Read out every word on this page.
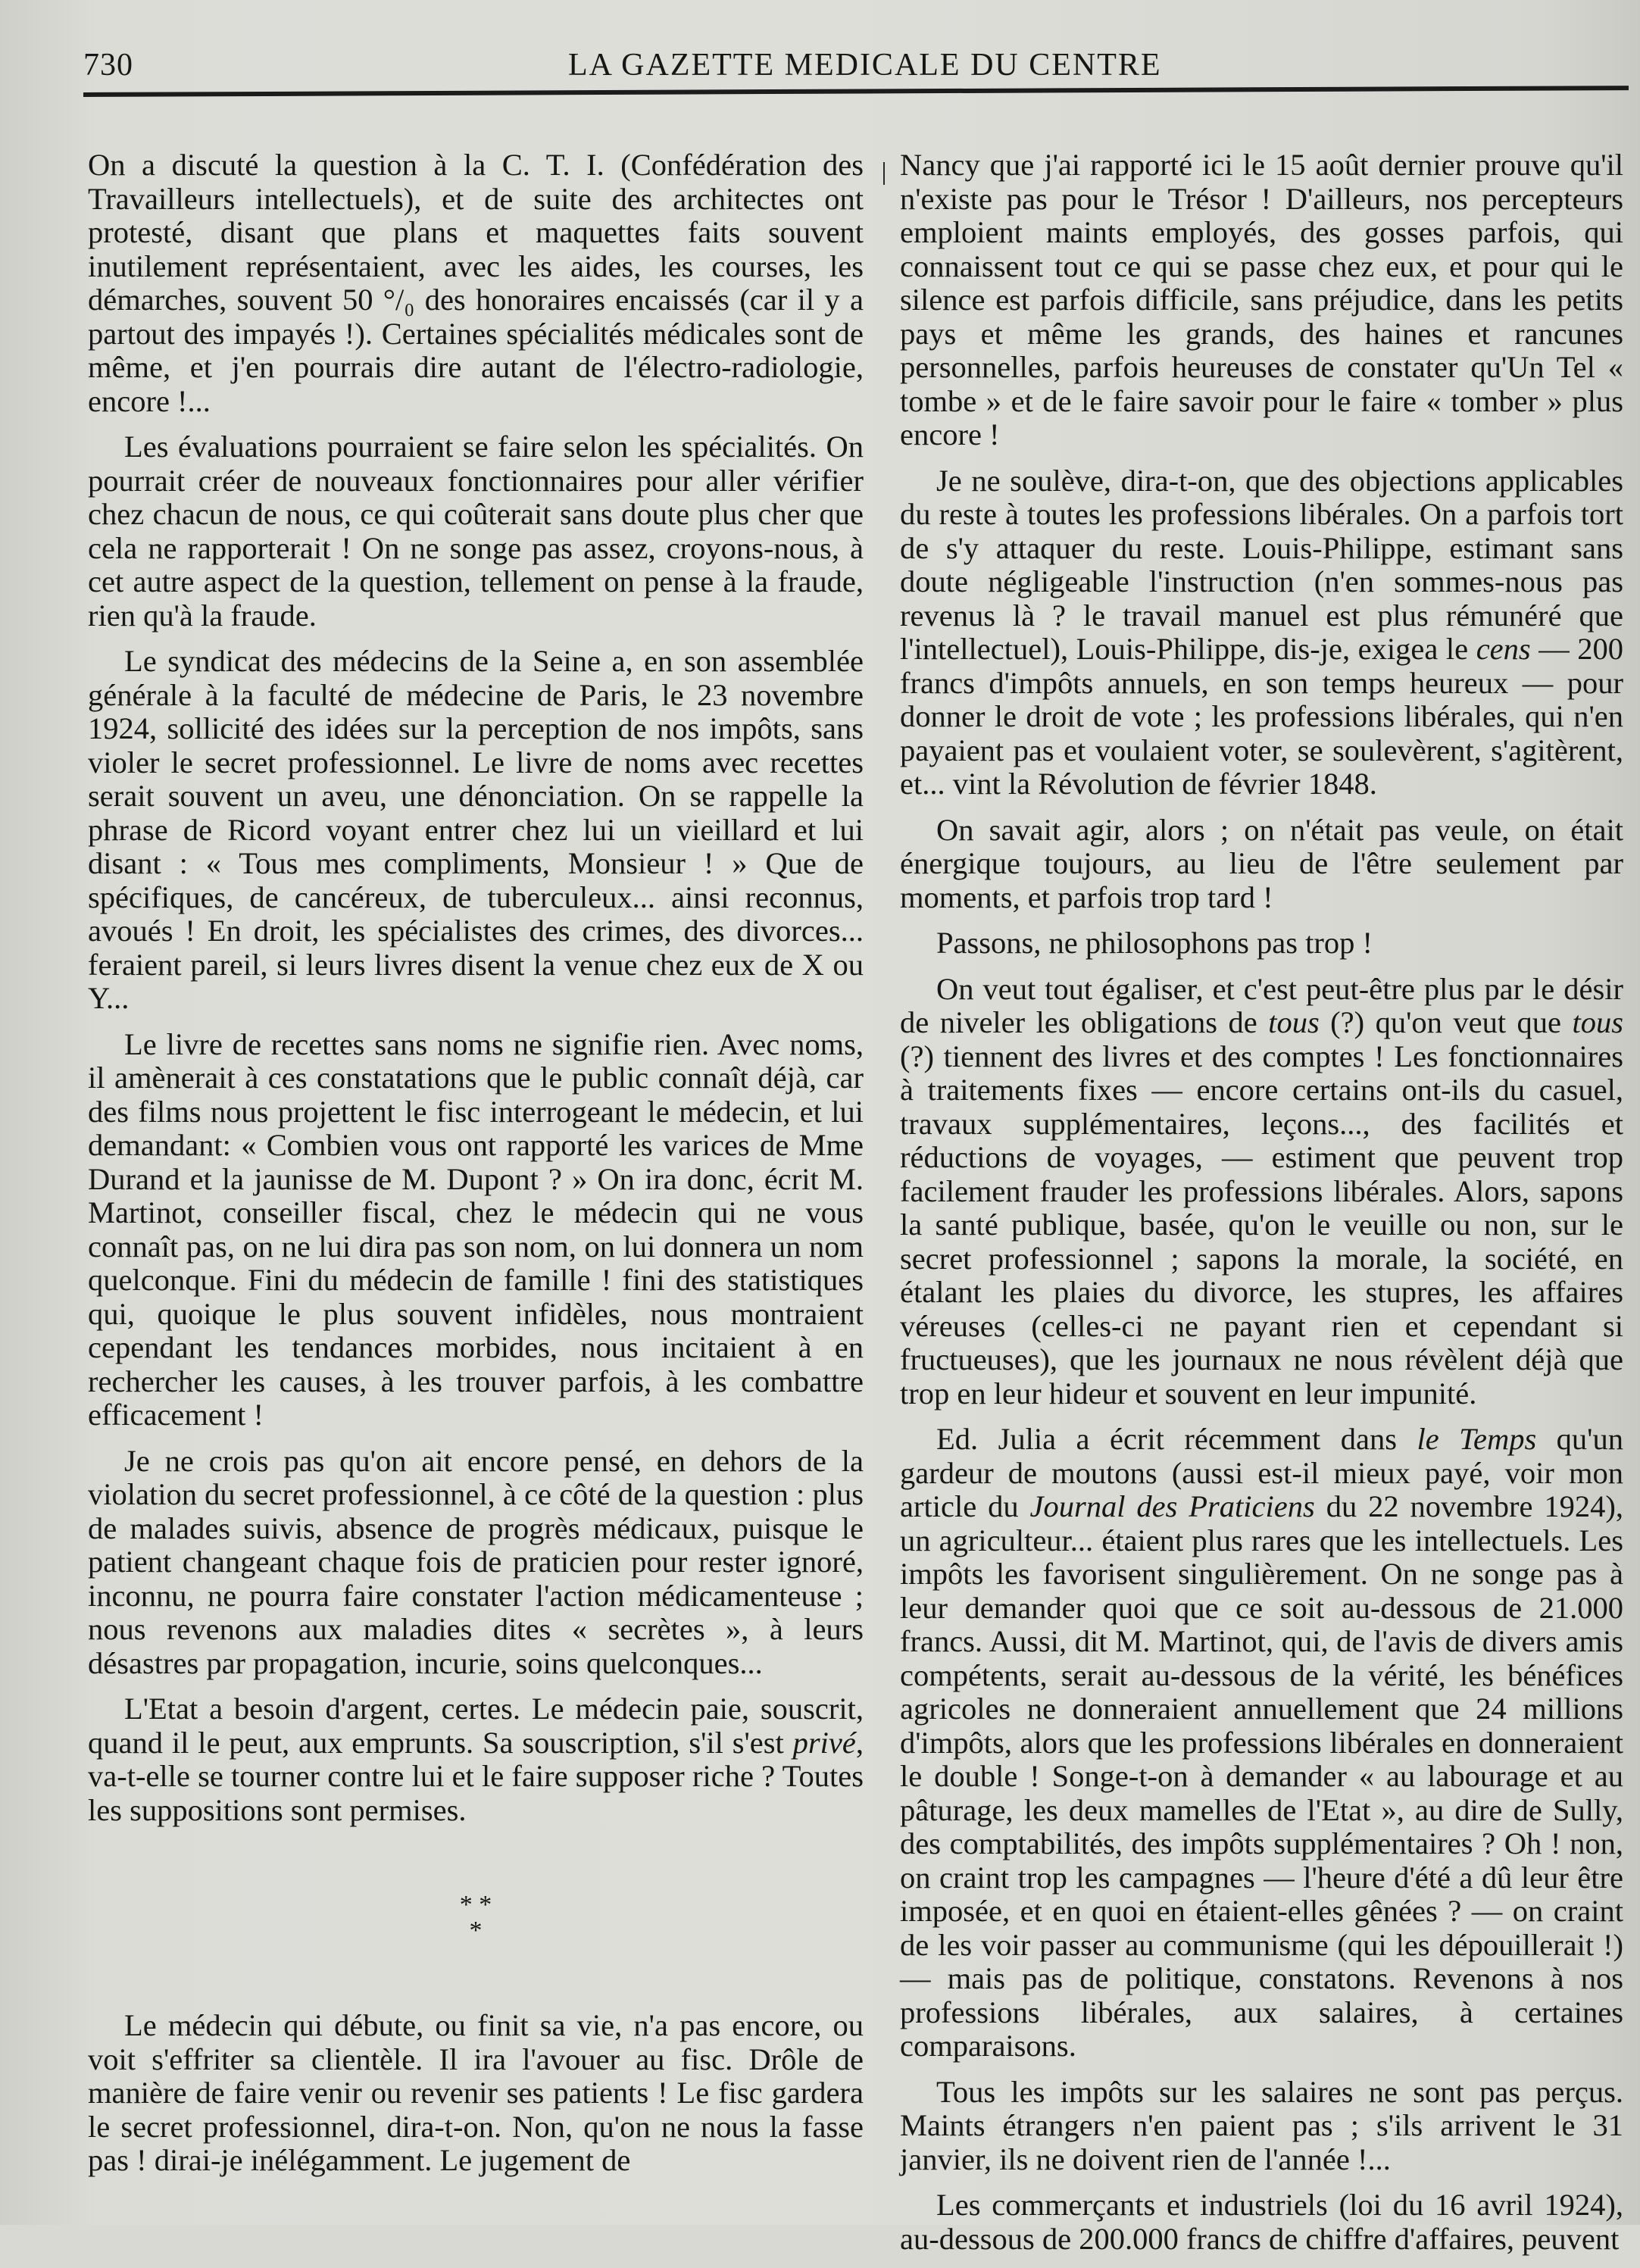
730	LA GAZETTE MEDICALE DU CENTRE

On a discuté la question à la C. T. I. (Confédération des Travailleurs intellectuels), et de suite des architectes ont protesté, disant que plans et maquettes faits souvent inutilement représentaient, avec les aides, les courses, les démarches, souvent 50 °/₀ des honoraires encaissés (car il y a partout des impayés !). Certaines spécialités médicales sont de même, et j'en pourrais dire autant de l'électro-radiologie, encore !...

Les évaluations pourraient se faire selon les spécialités. On pourrait créer de nouveaux fonctionnaires pour aller vérifier chez chacun de nous, ce qui coûterait sans doute plus cher que cela ne rapporterait ! On ne songe pas assez, croyons-nous, à cet autre aspect de la question, tellement on pense à la fraude, rien qu'à la fraude.

Le syndicat des médecins de la Seine a, en son assemblée générale à la faculté de médecine de Paris, le 23 novembre 1924, sollicité des idées sur la perception de nos impôts, sans violer le secret professionnel. Le livre de noms avec recettes serait souvent un aveu, une dénonciation. On se rappelle la phrase de Ricord voyant entrer chez lui un vieillard et lui disant : « Tous mes compliments, Monsieur ! » Que de spécifiques, de cancéreux, de tuberculeux... ainsi reconnus, avoués ! En droit, les spécialistes des crimes, des divorces... feraient pareil, si leurs livres disent la venue chez eux de X ou Y...

Le livre de recettes sans noms ne signifie rien. Avec noms, il amènerait à ces constatations que le public connaît déjà, car des films nous projettent le fisc interrogeant le médecin, et lui demandant: « Combien vous ont rapporté les varices de Mme Durand et la jaunisse de M. Dupont ? » On ira donc, écrit M. Martinot, conseiller fiscal, chez le médecin qui ne vous connaît pas, on ne lui dira pas son nom, on lui donnera un nom quelconque. Fini du médecin de famille ! fini des statistiques qui, quoique le plus souvent infidèles, nous montraient cependant les tendances morbides, nous incitaient à en rechercher les causes, à les trouver parfois, à les combattre efficacement !

Je ne crois pas qu'on ait encore pensé, en dehors de la violation du secret professionnel, à ce côté de la question : plus de malades suivis, absence de progrès médicaux, puisque le patient changeant chaque fois de praticien pour rester ignoré, inconnu, ne pourra faire constater l'action médicamenteuse ; nous revenons aux maladies dites « secrètes », à leurs désastres par propagation, incurie, soins quelconques...

L'Etat a besoin d'argent, certes. Le médecin paie, souscrit, quand il le peut, aux emprunts. Sa souscription, s'il s'est privé, va-t-elle se tourner contre lui et le faire supposer riche ? Toutes les suppositions sont permises.

* *
*

Le médecin qui débute, ou finit sa vie, n'a pas encore, ou voit s'effriter sa clientèle. Il ira l'avouer au fisc. Drôle de manière de faire venir ou revenir ses patients ! Le fisc gardera le secret professionnel, dira-t-on. Non, qu'on ne nous la fasse pas ! dirai-je inélégamment. Le jugement de

Nancy que j'ai rapporté ici le 15 août dernier prouve qu'il n'existe pas pour le Trésor ! D'ailleurs, nos percepteurs emploient maints employés, des gosses parfois, qui connaissent tout ce qui se passe chez eux, et pour qui le silence est parfois difficile, sans préjudice, dans les petits pays et même les grands, des haines et rancunes personnelles, parfois heureuses de constater qu'Un Tel « tombe » et de le faire savoir pour le faire « tomber » plus encore !

Je ne soulève, dira-t-on, que des objections applicables du reste à toutes les professions libérales. On a parfois tort de s'y attaquer du reste. Louis-Philippe, estimant sans doute négligeable l'instruction (n'en sommes-nous pas revenus là ? le travail manuel est plus rémunéré que l'intellectuel), Louis-Philippe, dis-je, exigea le cens — 200 francs d'impôts annuels, en son temps heureux — pour donner le droit de vote ; les professions libérales, qui n'en payaient pas et voulaient voter, se soulevèrent, s'agitèrent, et... vint la Révolution de février 1848.

On savait agir, alors ; on n'était pas veule, on était énergique toujours, au lieu de l'être seulement par moments, et parfois trop tard !

Passons, ne philosophons pas trop !

On veut tout égaliser, et c'est peut-être plus par le désir de niveler les obligations de tous (?) qu'on veut que tous (?) tiennent des livres et des comptes ! Les fonctionnaires à traitements fixes — encore certains ont-ils du casuel, travaux supplémentaires, leçons..., des facilités et réductions de voyages, — estiment que peuvent trop facilement frauder les professions libérales. Alors, sapons la santé publique, basée, qu'on le veuille ou non, sur le secret professionnel ; sapons la morale, la société, en étalant les plaies du divorce, les stupres, les affaires véreuses (celles-ci ne payant rien et cependant si fructueuses), que les journaux ne nous révèlent déjà que trop en leur hideur et souvent en leur impunité.

Ed. Julia a écrit récemment dans le Temps qu'un gardeur de moutons (aussi est-il mieux payé, voir mon article du Journal des Praticiens du 22 novembre 1924), un agriculteur... étaient plus rares que les intellectuels. Les impôts les favorisent singulièrement. On ne songe pas à leur demander quoi que ce soit au-dessous de 21.000 francs. Aussi, dit M. Martinot, qui, de l'avis de divers amis compétents, serait au-dessous de la vérité, les bénéfices agricoles ne donneraient annuellement que 24 millions d'impôts, alors que les professions libérales en donneraient le double ! Songe-t-on à demander « au labourage et au pâturage, les deux mamelles de l'Etat », au dire de Sully, des comptabilités, des impôts supplémentaires ? Oh ! non, on craint trop les campagnes — l'heure d'été a dû leur être imposée, et en quoi en étaient-elles gênées ? — on craint de les voir passer au communisme (qui les dépouillerait !) — mais pas de politique, constatons. Revenons à nos professions libérales, aux salaires, à certaines comparaisons.

Tous les impôts sur les salaires ne sont pas perçus. Maints étrangers n'en paient pas ; s'ils arrivent le 31 janvier, ils ne doivent rien de l'année !...

Les commerçants et industriels (loi du 16 avril 1924), au-dessous de 200.000 francs de chiffre d'affaires, peuvent
